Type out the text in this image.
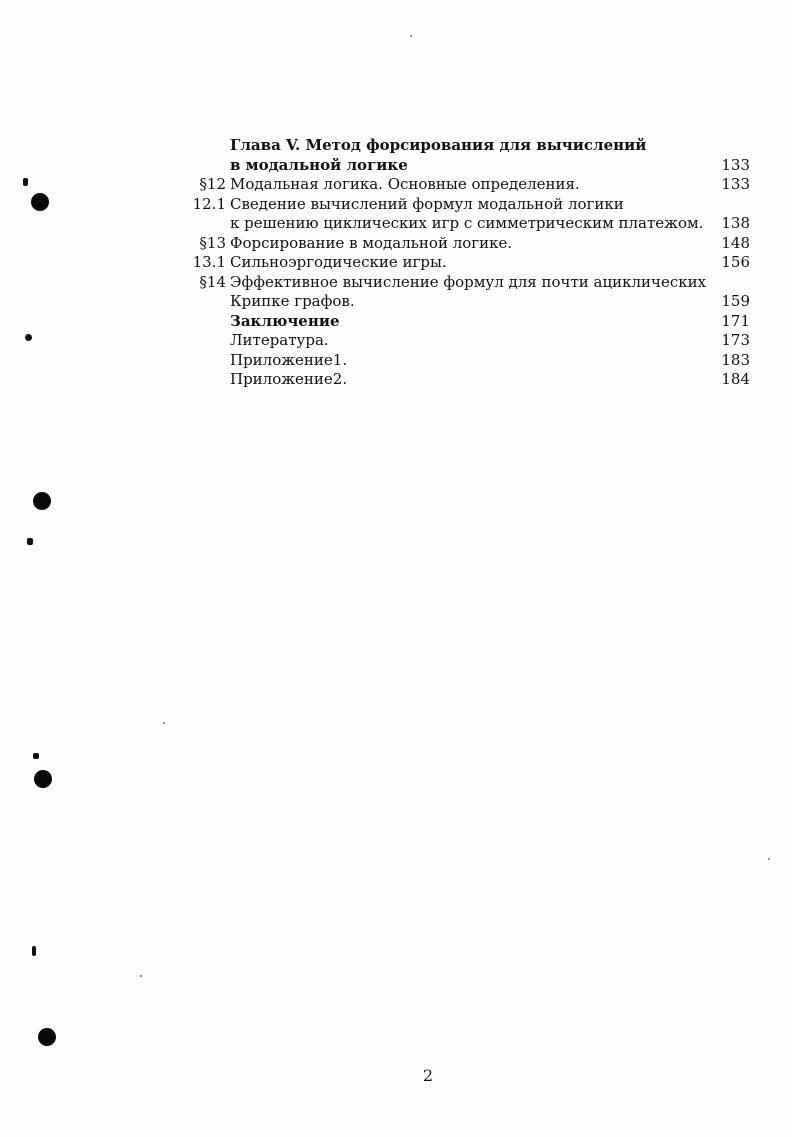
Глава V. Метод форсирования для вычислений
в модальной логике	133
§12 Модальная логика. Основные определения.	133
12.1 Сведение вычислений формул модальной логики
к решению циклических игр с симметрическим платежом. 138
§13 Форсирование в модальной логике.	148
13.1 Сильноэргодические игры.	156
§14 Эффективное вычисление формул для почти ациклических
Крипке графов.	159
Заключение	171
Литература.	173
Приложение1.	183
Приложение2.	184
2
